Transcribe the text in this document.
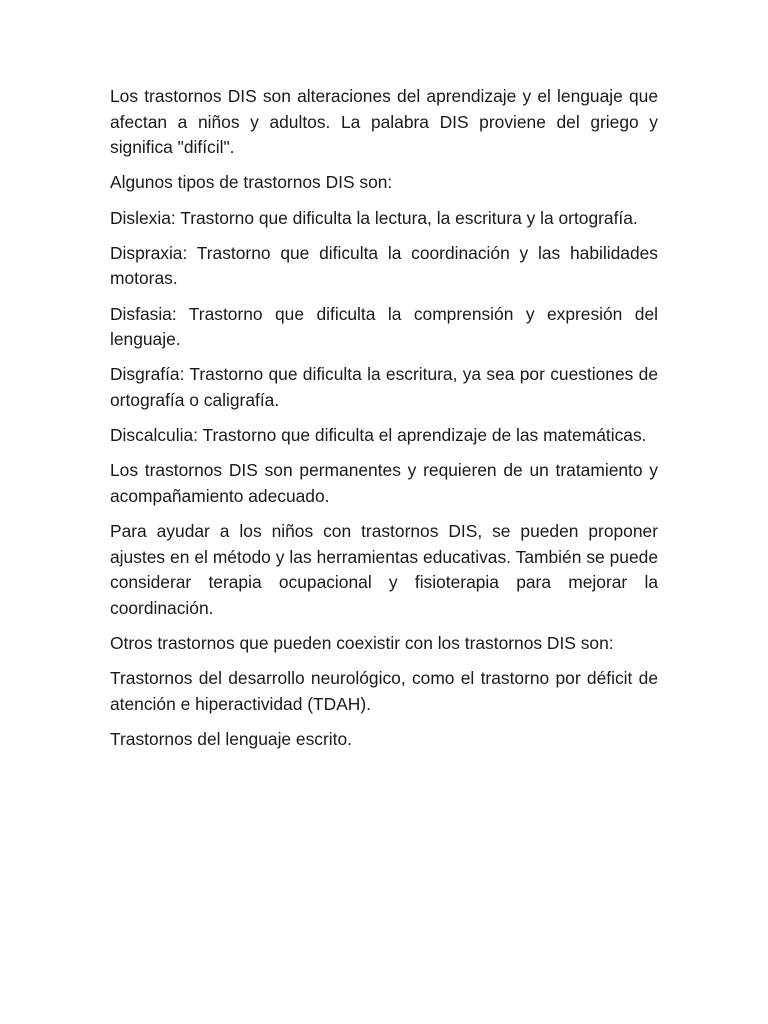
Los trastornos DIS son alteraciones del aprendizaje y el lenguaje que afectan a niños y adultos. La palabra DIS proviene del griego y significa "difícil".

Algunos tipos de trastornos DIS son:

Dislexia: Trastorno que dificulta la lectura, la escritura y la ortografía.

Dispraxia: Trastorno que dificulta la coordinación y las habilidades motoras.

Disfasia: Trastorno que dificulta la comprensión y expresión del lenguaje.

Disgrafía: Trastorno que dificulta la escritura, ya sea por cuestiones de ortografía o caligrafía.

Discalculia: Trastorno que dificulta el aprendizaje de las matemáticas.

Los trastornos DIS son permanentes y requieren de un tratamiento y acompañamiento adecuado.

Para ayudar a los niños con trastornos DIS, se pueden proponer ajustes en el método y las herramientas educativas. También se puede considerar terapia ocupacional y fisioterapia para mejorar la coordinación.

Otros trastornos que pueden coexistir con los trastornos DIS son:

Trastornos del desarrollo neurológico, como el trastorno por déficit de atención e hiperactividad (TDAH).

Trastornos del lenguaje escrito.
